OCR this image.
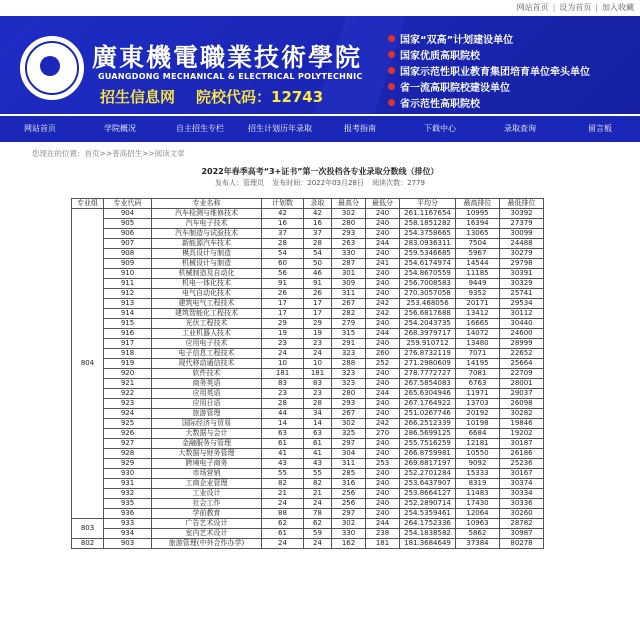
网站首页 | 设为首页 | 加入收藏
廣東機電職業技術學院
GUANGDONG MECHANICAL & ELECTRICAL POLYTECHNIC
招生信息网 院校代码：12743
国家“双高”计划建设单位
国家优质高职院校
国家示范性职业教育集团培育单位牵头单位
省一流高职院校建设单位
省示范性高职院校
网站首页	学院概况	自主招生专栏	招生计划历年录取	报考指南	下载中心	录取查询	留言板
您现在的位置：首页>>普高招生>>阅读文章
2022年春季高考“3+证书”第一次投档各专业录取分数线（排位）
发布人：管理员 发布时间：2022年03月28日 阅读次数：2779
专业组	专业代码	专业名称	计划数	录取	最高分	最低分	平均分	最高排位	最低排位
804	904	汽车检测与维修技术	42	42	302	240	261.1167654	10995	30392
	905	汽车电子技术	16	16	280	240	258.1851282	16394	27379
	906	汽车制造与试验技术	37	37	293	240	254.3758665	13065	30099
	907	新能源汽车技术	28	28	263	244	283.0936311	7504	24488
	908	模具设计与制造	54	54	330	240	259.5346685	5967	30279
	909	机械设计与制造	60	50	287	241	254.6174974	14544	29798
	910	机械制造及自动化	56	46	301	240	254.8670559	11185	30391
	911	机电一体化技术	91	91	309	240	256.7008583	9449	30329
	912	电气自动化技术	26	26	311	240	270.3057058	9352	25741
	913	建筑电气工程技术	17	17	267	242	253.468056	20171	29534
	914	建筑智能化工程技术	17	17	282	242	256.6817688	13412	30112
	915	光伏工程技术	29	29	279	240	254.2043735	16665	30440
	916	工业机器人技术	19	19	315	244	268.3979717	14072	24600
	917	应用电子技术	23	23	291	240	259.910712	13480	28999
	918	电子信息工程技术	24	24	323	260	276.8732119	7071	22652
	919	现代移动通信技术	10	10	288	252	271.2980609	14195	25664
	920	软件技术	181	181	323	240	278.7772727	7081	22709
	921	商务英语	83	83	323	240	267.5854083	6763	28001
	922	应用英语	23	23	280	244	265.6304946	11971	29037
	923	应用日语	28	28	293	240	267.1764922	13703	26098
	924	旅游管理	44	34	267	240	251.0267746	20192	30282
	925	国际经济与贸易	14	14	302	242	266.2512339	10198	19846
	926	大数据与会计	63	63	325	270	286.5699125	6684	19202
	927	金融服务与管理	61	61	297	240	255.7516259	12181	30187
	928	大数据与财务管理	41	41	304	240	266.8759981	10550	26186
	929	跨境电子商务	43	43	311	253	269.8817197	9092	25236
	930	市场营销	55	55	285	240	252.2701284	15333	30167
	931	工商企业管理	82	82	316	240	253.6437907	8319	30374
	932	工业设计	21	21	256	240	253.8664127	11483	30334
	935	社会工作	24	24	256	240	252.2890714	17430	30336
	936	学前教育	88	78	297	240	254.5359461	12064	30260
803	933	广告艺术设计	62	62	302	244	264.1752336	10963	28782
	934	室内艺术设计	61	59	330	238	254.1838582	5862	30987
802	903	旅游管理(中外合作办学)	24	24	162	181	181.3684649	37384	80278
